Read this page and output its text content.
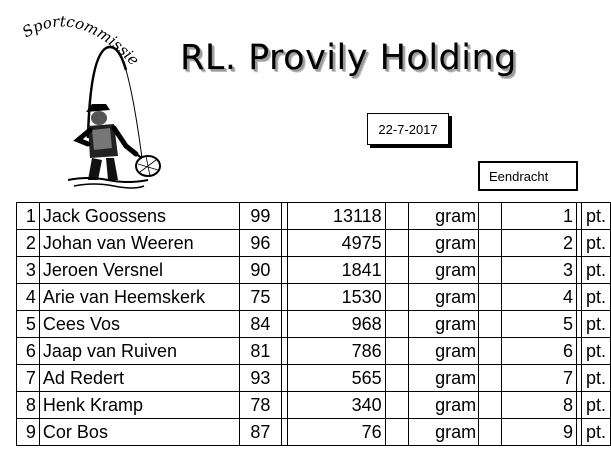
Sportcommissie RL. Provily Holding
22-7-2017
Eendracht
1	Jack Goossens	99		13118		gram		1		pt.
2	Johan van Weeren	96		4975		gram		2		pt.
3	Jeroen Versnel	90		1841		gram		3		pt.
4	Arie van Heemskerk	75		1530		gram		4		pt.
5	Cees Vos	84		968		gram		5		pt.
6	Jaap van Ruiven	81		786		gram		6		pt.
7	Ad Redert	93		565		gram		7		pt.
8	Henk Kramp	78		340		gram		8		pt.
9	Cor Bos	87		76		gram		9		pt.
